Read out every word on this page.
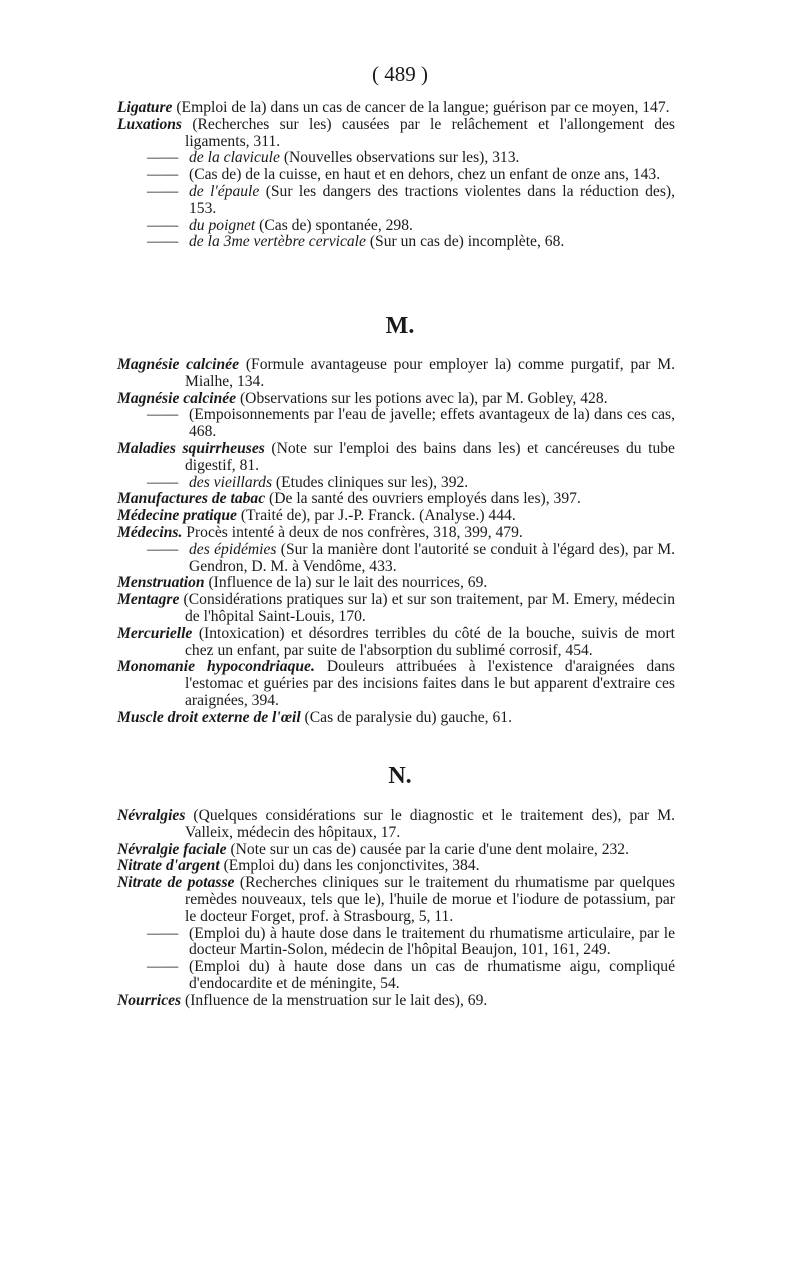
( 489 )
Ligature (Emploi de la) dans un cas de cancer de la langue; guérison par ce moyen, 147.
Luxations (Recherches sur les) causées par le relâchement et l'allongement des ligaments, 311.
—— de la clavicule (Nouvelles observations sur les), 313.
—— (Cas de) de la cuisse, en haut et en dehors, chez un enfant de onze ans, 143.
—— de l'épaule (Sur les dangers des tractions violentes dans la réduction des), 153.
—— du poignet (Cas de) spontanée, 298.
—— de la 3me vertèbre cervicale (Sur un cas de) incomplète, 68.
M.
Magnésie calcinée (Formule avantageuse pour employer la) comme purgatif, par M. Mialhe, 134.
Magnésie calcinée (Observations sur les potions avec la), par M. Gobley, 428.
—— (Empoisonnements par l'eau de javelle; effets avantageux de la) dans ces cas, 468.
Maladies squirrheuses (Note sur l'emploi des bains dans les) et cancéreuses du tube digestif, 81.
—— des vieillards (Etudes cliniques sur les), 392.
Manufactures de tabac (De la santé des ouvriers employés dans les), 397.
Médecine pratique (Traité de), par J.-P. Franck. (Analyse.) 444.
Médecins. Procès intenté à deux de nos confrères, 318, 399, 479.
—— des épidémies (Sur la manière dont l'autorité se conduit à l'égard des), par M. Gendron, D. M. à Vendôme, 433.
Menstruation (Influence de la) sur le lait des nourrices, 69.
Mentagre (Considérations pratiques sur la) et sur son traitement, par M. Emery, médecin de l'hôpital Saint-Louis, 170.
Mercurielle (Intoxication) et désordres terribles du côté de la bouche, suivis de mort chez un enfant, par suite de l'absorption du sublimé corrosif, 454.
Monomanie hypocondriaque. Douleurs attribuées à l'existence d'araignées dans l'estomac et guéries par des incisions faites dans le but apparent d'extraire ces araignées, 394.
Muscle droit externe de l'œil (Cas de paralysie du) gauche, 61.
N.
Névralgies (Quelques considérations sur le diagnostic et le traitement des), par M. Valleix, médecin des hôpitaux, 17.
Névralgie faciale (Note sur un cas de) causée par la carie d'une dent molaire, 232.
Nitrate d'argent (Emploi du) dans les conjonctivites, 384.
Nitrate de potasse (Recherches cliniques sur le traitement du rhumatisme par quelques remèdes nouveaux, tels que le), l'huile de morue et l'iodure de potassium, par le docteur Forget, prof. à Strasbourg, 5, 11.
—— (Emploi du) à haute dose dans le traitement du rhumatisme articulaire, par le docteur Martin-Solon, médecin de l'hôpital Beaujon, 101, 161, 249.
—— (Emploi du) à haute dose dans un cas de rhumatisme aigu, compliqué d'endocardite et de méningite, 54.
Nourrices (Influence de la menstruation sur le lait des), 69.
